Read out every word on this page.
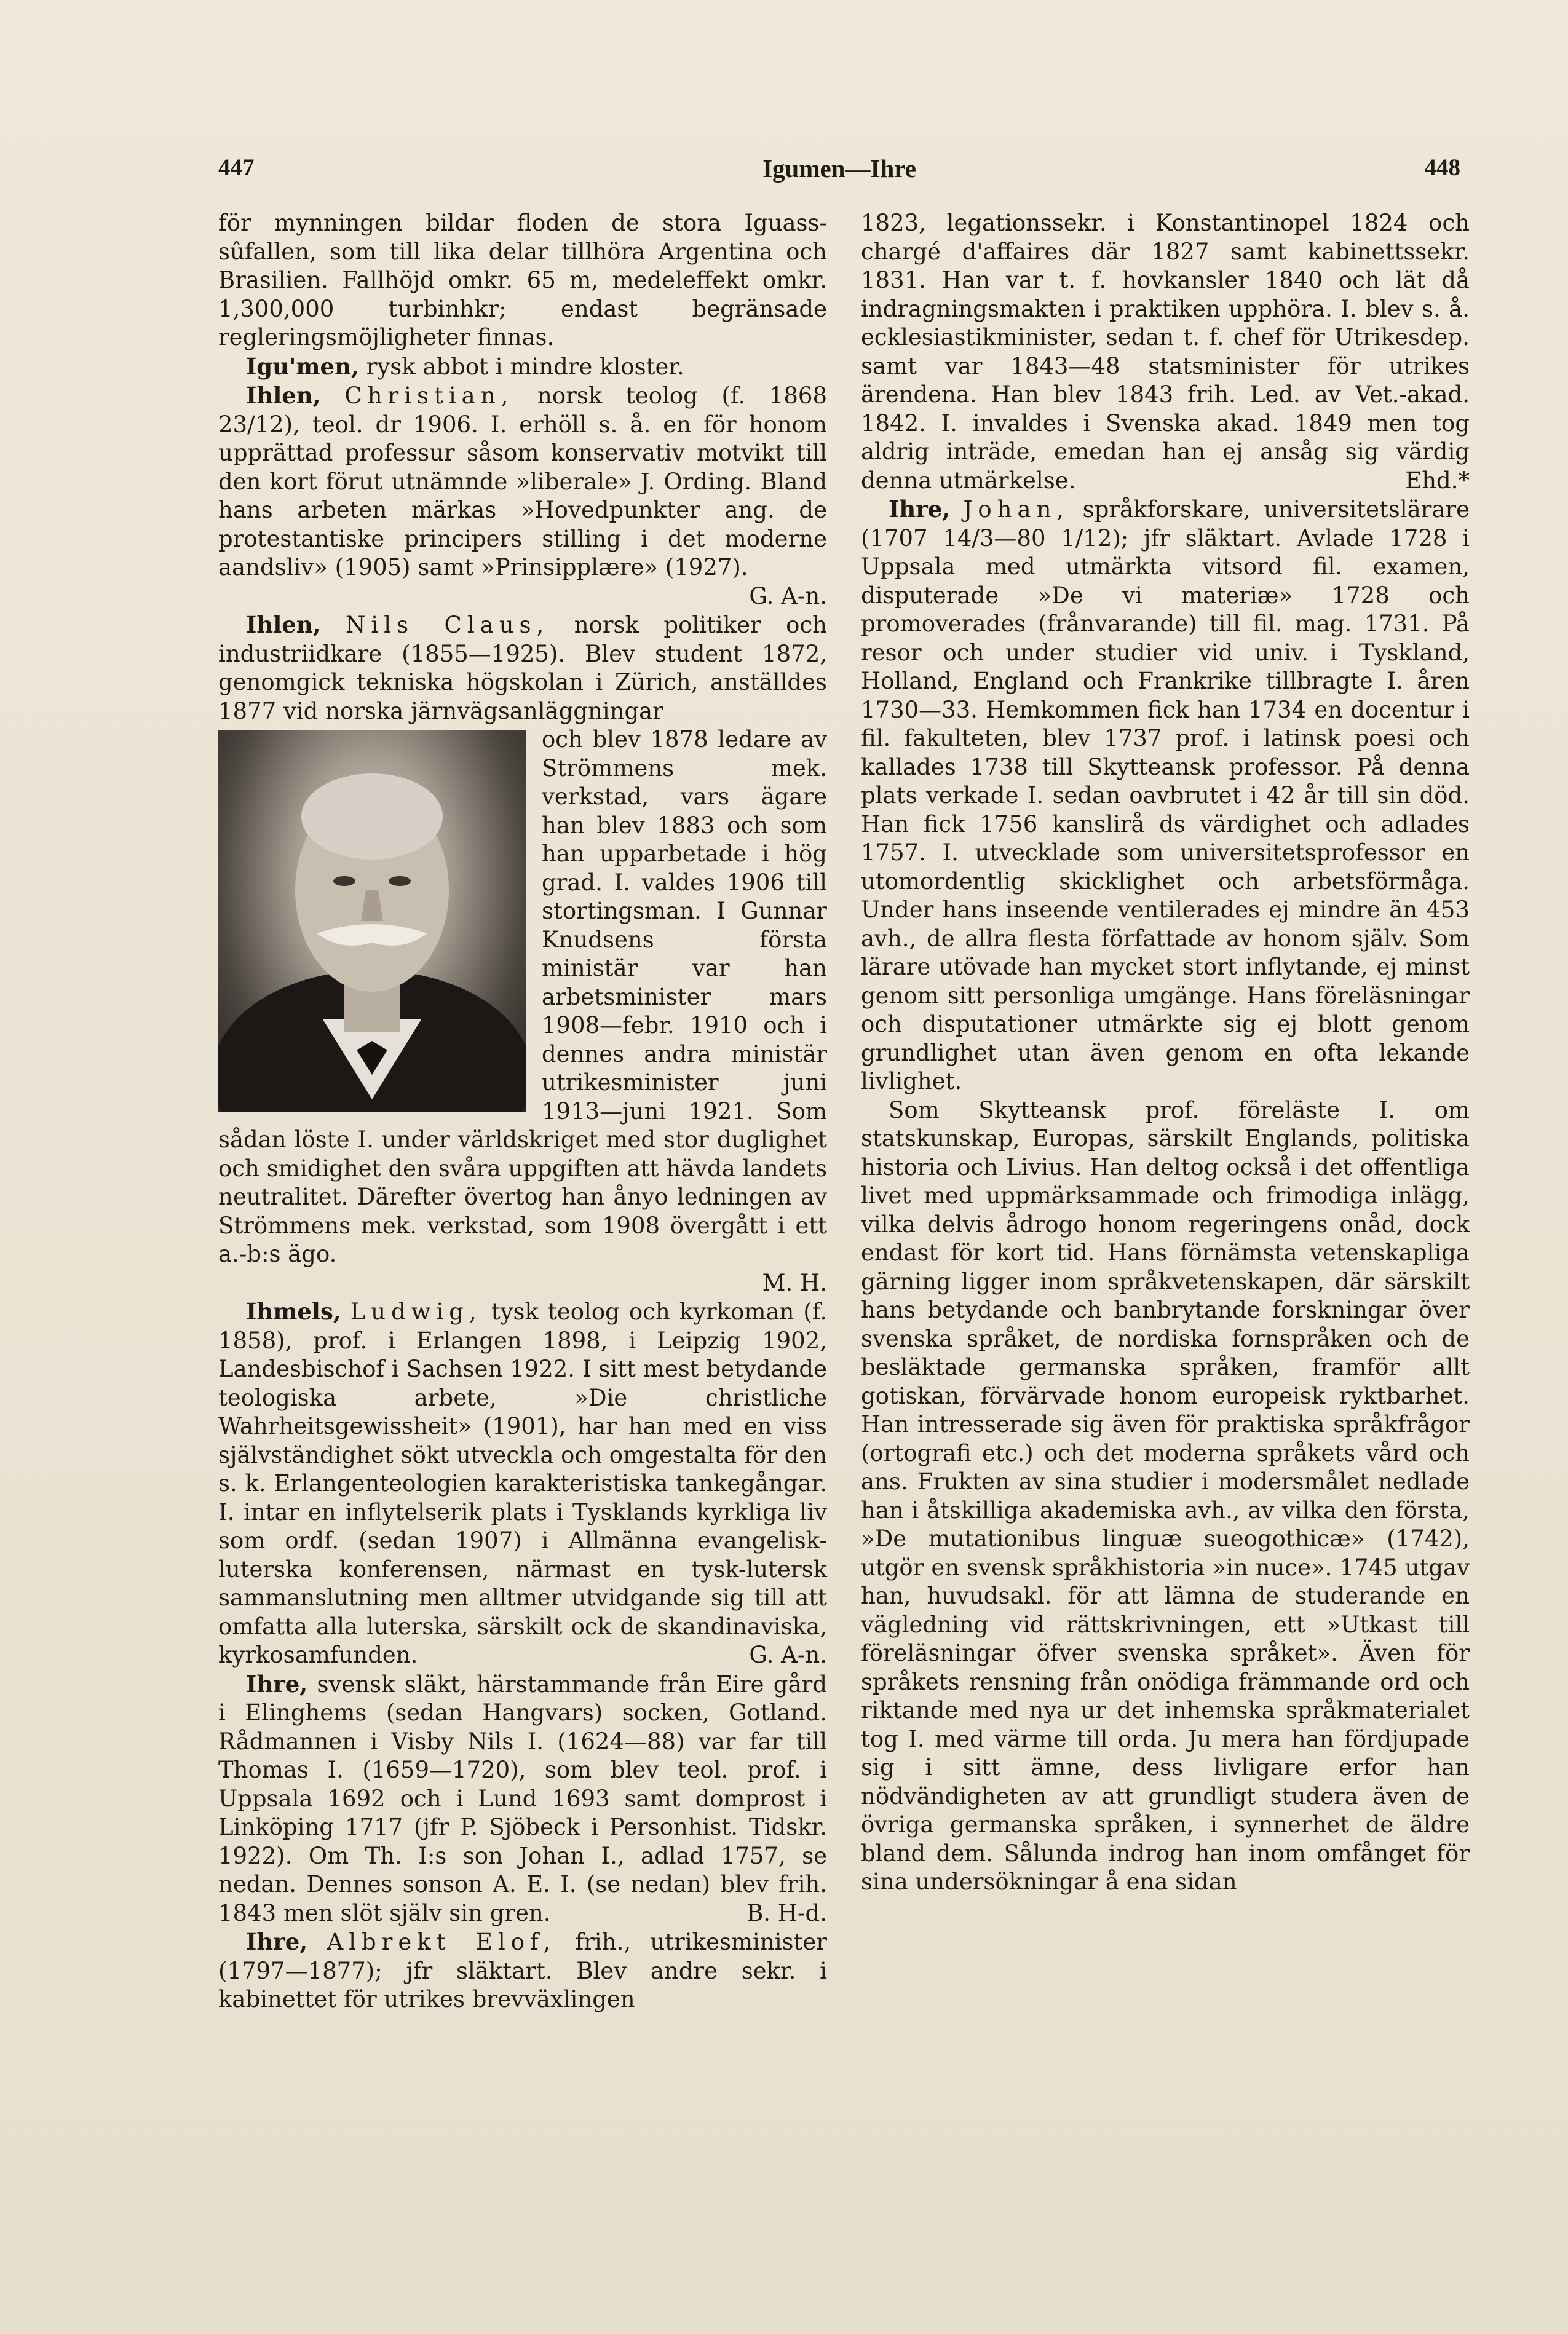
447	Igumen—Ihre	448

för mynningen bildar floden de stora Iguass-sûfallen, som till lika delar tillhöra Argentina och Brasilien. Fallhöjd omkr. 65 m, medeleffekt omkr. 1,300,000 turbinhkr; endast begränsade regleringsmöjligheter finnas.

Igu'men, rysk abbot i mindre kloster.

Ihlen, Christian, norsk teolog (f. 1868 23/12), teol. dr 1906. I. erhöll s. å. en för honom upprättad professur såsom konservativ motvikt till den kort förut utnämnde »liberale» J. Ording. Bland hans arbeten märkas »Hovedpunkter ang. de protestantiske principers stilling i det moderne aandsliv» (1905) samt »Prinsipplære» (1927).
G. A-n.

Ihlen, Nils Claus, norsk politiker och industriidkare (1855—1925). Blev student 1872, genomgick tekniska högskolan i Zürich, anställdes 1877 vid norska järnvägsanläggningar

och blev 1878 ledare av Strömmens mek. verkstad, vars ägare han blev 1883 och som han upparbetade i hög grad. I. valdes 1906 till stortingsman. I Gunnar Knudsens första ministär var han arbetsminister mars 1908—febr. 1910 och i dennes andra ministär utrikesminister juni 1913—juni 1921. Som sådan löste I. under världskriget med stor duglighet och smidighet den svåra uppgiften att hävda landets neutralitet. Därefter övertog han ånyo ledningen av Strömmens mek. verkstad, som 1908 övergått i ett a.-b:s ägo.

M. H.

Ihmels, Ludwig, tysk teolog och kyrkoman (f. 1858), prof. i Erlangen 1898, i Leipzig 1902, Landesbischof i Sachsen 1922. I sitt mest betydande teologiska arbete, »Die christliche Wahrheitsgewissheit» (1901), har han med en viss självständighet sökt utveckla och omgestalta för den s. k. Erlangenteologien karakteristiska tankegångar. I. intar en inflytelserik plats i Tysklands kyrkliga liv som ordf. (sedan 1907) i Allmänna evangelisk-luterska konferensen, närmast en tysk-lutersk sammanslutning men alltmer utvidgande sig till att omfatta alla luterska, särskilt ock de skandinaviska, kyrkosamfunden.	G. A-n.

Ihre, svensk släkt, härstammande från Eire gård i Elinghems (sedan Hangvars) socken, Gotland. Rådmannen i Visby Nils I. (1624—88) var far till Thomas I. (1659—1720), som blev teol. prof. i Uppsala 1692 och i Lund 1693 samt domprost i Linköping 1717 (jfr P. Sjöbeck i Personhist. Tidskr. 1922). Om Th. I:s son Johan I., adlad 1757, se nedan. Dennes sonson A. E. I. (se nedan) blev frih. 1843 men slöt själv sin gren.	B. H-d.

Ihre, Albrekt Elof, frih., utrikesminister (1797—1877); jfr släktart. Blev andre sekr. i kabinettet för utrikes brevväxlingen

1823, legationssekr. i Konstantinopel 1824 och chargé d'affaires där 1827 samt kabinettssekr. 1831. Han var t. f. hovkansler 1840 och lät då indragningsmakten i praktiken upphöra. I. blev s. å. ecklesiastikminister, sedan t. f. chef för Utrikesdep. samt var 1843—48 statsminister för utrikes ärendena. Han blev 1843 frih. Led. av Vet.-akad. 1842. I. invaldes i Svenska akad. 1849 men tog aldrig inträde, emedan han ej ansåg sig värdig denna utmärkelse.	Ehd.*

Ihre, Johan, språkforskare, universitetslärare (1707 14/3—80 1/12); jfr släktart. Avlade 1728 i Uppsala med utmärkta vitsord fil. examen, disputerade »De vi materiæ» 1728 och promoverades (frånvarande) till fil. mag. 1731. På resor och under studier vid univ. i Tyskland, Holland, England och Frankrike tillbragte I. åren 1730—33. Hemkommen fick han 1734 en docentur i fil. fakulteten, blev 1737 prof. i latinsk poesi och kallades 1738 till Skytteansk professor. På denna plats verkade I. sedan oavbrutet i 42 år till sin död. Han fick 1756 kanslirå ds värdighet och adlades 1757. I. utvecklade som universitetsprofessor en utomordentlig skicklighet och arbetsförmåga. Under hans inseende ventilerades ej mindre än 453 avh., de allra flesta författade av honom själv. Som lärare utövade han mycket stort inflytande, ej minst genom sitt personliga umgänge. Hans föreläsningar och disputationer utmärkte sig ej blott genom grundlighet utan även genom en ofta lekande livlighet.

Som Skytteansk prof. föreläste I. om statskunskap, Europas, särskilt Englands, politiska historia och Livius. Han deltog också i det offentliga livet med uppmärksammade och frimodiga inlägg, vilka delvis ådrogo honom regeringens onåd, dock endast för kort tid. Hans förnämsta vetenskapliga gärning ligger inom språkvetenskapen, där särskilt hans betydande och banbrytande forskningar över svenska språket, de nordiska fornspråken och de besläktade germanska språken, framför allt gotiskan, förvärvade honom europeisk ryktbarhet. Han intresserade sig även för praktiska språkfrågor (ortografi etc.) och det moderna språkets vård och ans. Frukten av sina studier i modersmålet nedlade han i åtskilliga akademiska avh., av vilka den första, »De mutationibus linguæ sueogothicæ» (1742), utgör en svensk språkhistoria »in nuce». 1745 utgav han, huvudsakl. för att lämna de studerande en vägledning vid rättskrivningen, ett »Utkast till föreläsningar öfver svenska språket». Även för språkets rensning från onödiga främmande ord och riktande med nya ur det inhemska språkmaterialet tog I. med värme till orda. Ju mera han fördjupade sig i sitt ämne, dess livligare erfor han nödvändigheten av att grundligt studera även de övriga germanska språken, i synnerhet de äldre bland dem. Sålunda indrog han inom omfånget för sina undersökningar å ena sidan
